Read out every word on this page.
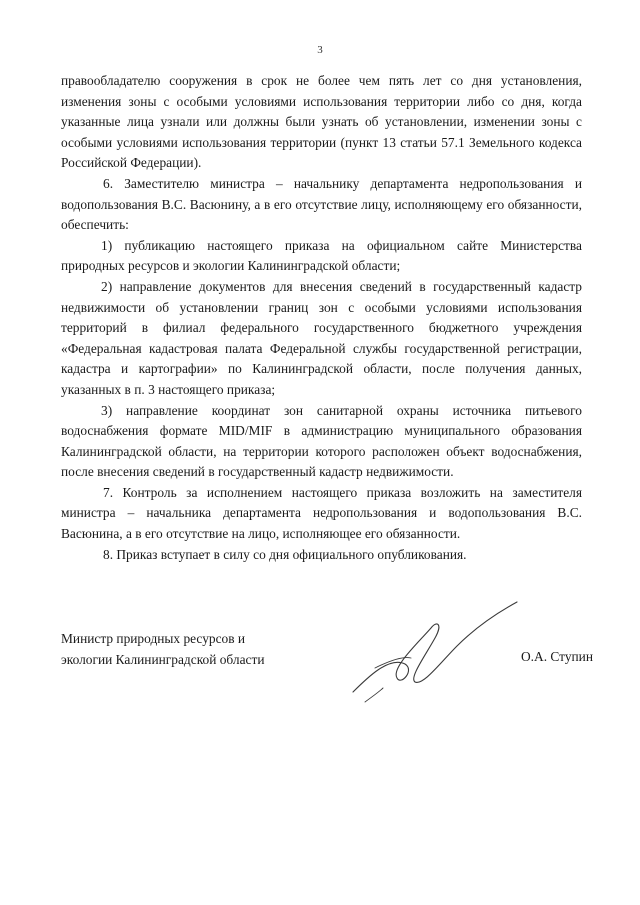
3

правообладателю сооружения в срок не более чем пять лет со дня установления, изменения зоны с особыми условиями использования территории либо со дня, когда указанные лица узнали или должны были узнать об установлении, изменении зоны с особыми условиями использования территории (пункт 13 статьи 57.1 Земельного кодекса Российской Федерации).

6. Заместителю министра – начальнику департамента недропользования и водопользования В.С. Васюнину, а в его отсутствие лицу, исполняющему его обязанности, обеспечить:

1) публикацию настоящего приказа на официальном сайте Министерства природных ресурсов и экологии Калининградской области;

2) направление документов для внесения сведений в государственный кадастр недвижимости об установлении границ зон с особыми условиями использования территорий в филиал федерального государственного бюджетного учреждения «Федеральная кадастровая палата Федеральной службы государственной регистрации, кадастра и картографии» по Калининградской области, после получения данных, указанных в п. 3 настоящего приказа;

3) направление координат зон санитарной охраны источника питьевого водоснабжения формате MID/MIF в администрацию муниципального образования Калининградской области, на территории которого расположен объект водоснабжения, после внесения сведений в государственный кадастр недвижимости.

7. Контроль за исполнением настоящего приказа возложить на заместителя министра – начальника департамента недропользования и водопользования В.С. Васюнина, а в его отсутствие на лицо, исполняющее его обязанности.

8. Приказ вступает в силу со дня официального опубликования.

Министр природных ресурсов и
экологии Калининградской области	О.А. Ступин
